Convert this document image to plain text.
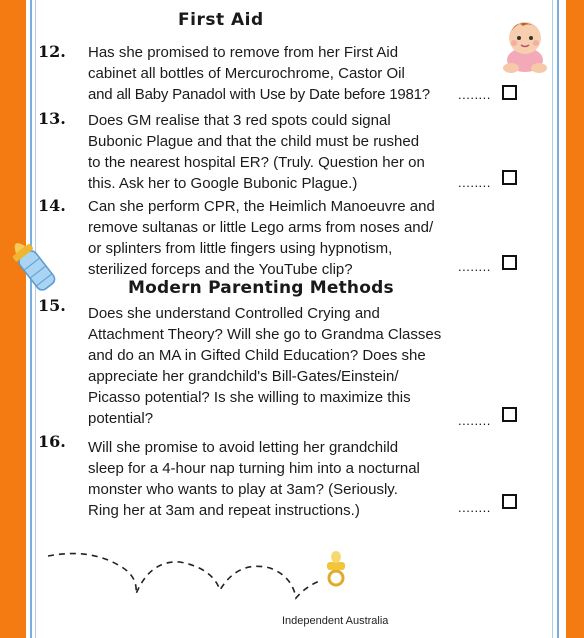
First Aid
Modern Parenting Methods
12. Has she promised to remove from her First Aid
cabinet all bottles of Mercurochrome, Castor Oil
and all Baby Panadol with Use by Date before 1981?	........
13. Does GM realise that 3 red spots could signal
Bubonic Plague and that the child must be rushed
to the nearest hospital ER? (Truly. Question her on
this. Ask her to Google Bubonic Plague.)	........
14. Can she perform CPR, the Heimlich Manoeuvre and
remove sultanas or little Lego arms from noses and/
or splinters from little fingers using hypnotism,
sterilized forceps and the YouTube clip?	........
15. Does she understand Controlled Crying and
Attachment Theory? Will she go to Grandma Classes
and do an MA in Gifted Child Education? Does she
appreciate her grandchild's Bill-Gates/Einstein/
Picasso potential? Is she willing to maximize this
potential?	........
16. Will she promise to avoid letting her grandchild
sleep for a 4-hour nap turning him into a nocturnal
monster who wants to play at 3am? (Seriously.
Ring her at 3am and repeat instructions.)	........
Independent Australia
